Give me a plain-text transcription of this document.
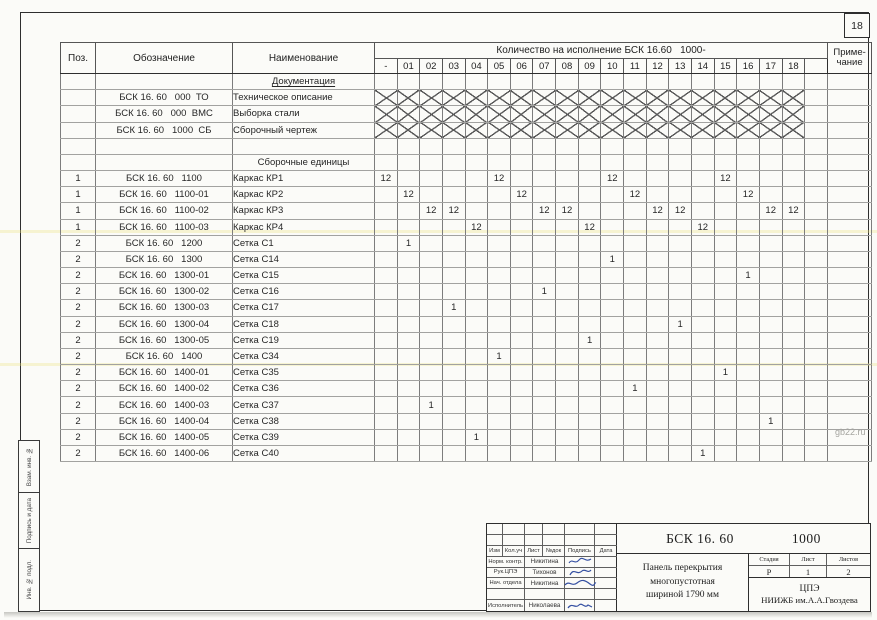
18
Поз.	Обозначение	Наименование	Количество на исполнение БСК 16.60   1000-																				Приме-
чание

			-	01	02	03	04	05	06	07	08	09	10	11	12	13	14	15	16	17	18		
		Документация																					
	БСК 16. 60   000  ТО	Техническое описание																					
	БСК 16. 60   000  ВМС	Выборка стали																					
	БСК 16. 60   1000  СБ	Сборочный чертеж																					

		Сборочные единицы																					
1	БСК 16. 60   1100	Каркас КР1	12					12					12					12					
1	БСК 16. 60   1100-01	Каркас КР2		12					12					12					12				
1	БСК 16. 60   1100-02	Каркас КР3			12	12				12	12				12	12				12	12		
1	БСК 16. 60   1100-03	Каркас КР4					12					12					12						
2	БСК 16. 60   1200	Сетка С1		1																			
2	БСК 16. 60   1300	Сетка С14											1										
2	БСК 16. 60   1300-01	Сетка С15																	1				
2	БСК 16. 60   1300-02	Сетка С16								1													
2	БСК 16. 60   1300-03	Сетка С17				1																	
2	БСК 16. 60   1300-04	Сетка С18														1							
2	БСК 16. 60   1300-05	Сетка С19										1											
2	БСК 16. 60   1400	Сетка С34						1															
2	БСК 16. 60   1400-01	Сетка С35																1					
2	БСК 16. 60   1400-02	Сетка С36												1									
2	БСК 16. 60   1400-03	Сетка С37			1																		
2	БСК 16. 60   1400-04	Сетка С38																		1			
2	БСК 16. 60   1400-05	Сетка С39					1																
2	БСК 16. 60   1400-06	Сетка С40															1						
Изм Кол.уч Лист	№док	Подпись	Дата
Норм. контр.	Никитина
Рук.ЦПЭ	Тихонов
Нач. отдела	Никитина
Исполнитель Николаева
БСК 16. 60	1000
Панель перекрытия
многопустотная
шириной 1790 мм
Стадия	Лист	Листов
Р	1	2
ЦПЭ
НИИЖБ им.А.А.Гвоздева
Взам. инв. №
Подпись и дата
Инв. № подл.
gb22.ru
